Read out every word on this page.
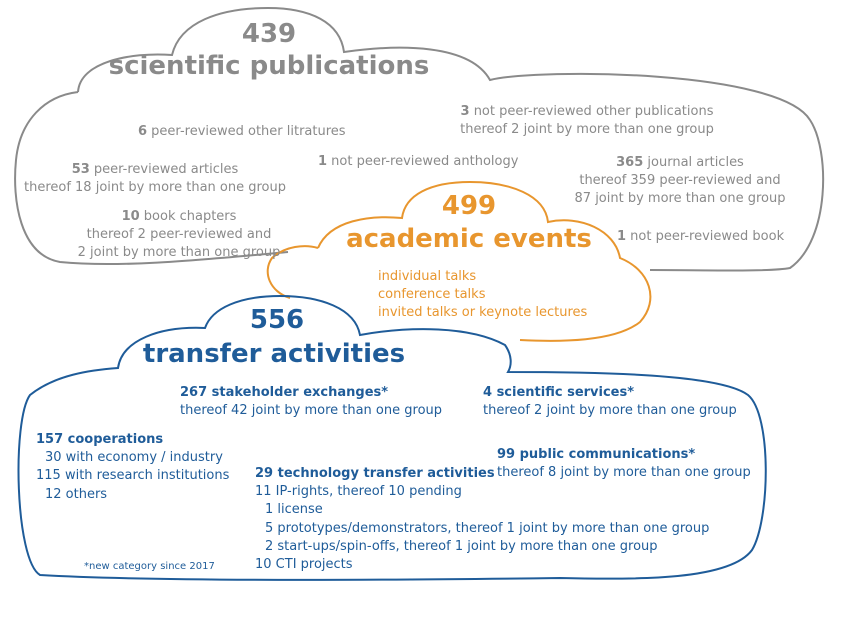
439
scientific publications
6 peer-reviewed other litratures
53 peer-reviewed articles
thereof 18 joint by more than one group
10 book chapters
thereof 2 peer-reviewed and
2 joint by more than one group
1 not peer-reviewed anthology
3 not peer-reviewed other publications
thereof 2 joint by more than one group
365 journal articles
thereof 359 peer-reviewed and
87 joint by more than one group
1 not peer-reviewed book
499
academic events
individual talks
conference talks
invited talks or keynote lectures
556
transfer activities
267 stakeholder exchanges*
thereof 42 joint by more than one group
4 scientific services*
thereof 2 joint by more than one group
157 cooperations
30 with economy / industry
115 with research institutions
12 others
99 public communications*
thereof 8 joint by more than one group
29 technology transfer activities
11 IP-rights, thereof 10 pending
1 license
5 prototypes/demonstrators, thereof 1 joint by more than one group
2 start-ups/spin-offs, thereof 1 joint by more than one group
10 CTI projects
*new category since 2017
